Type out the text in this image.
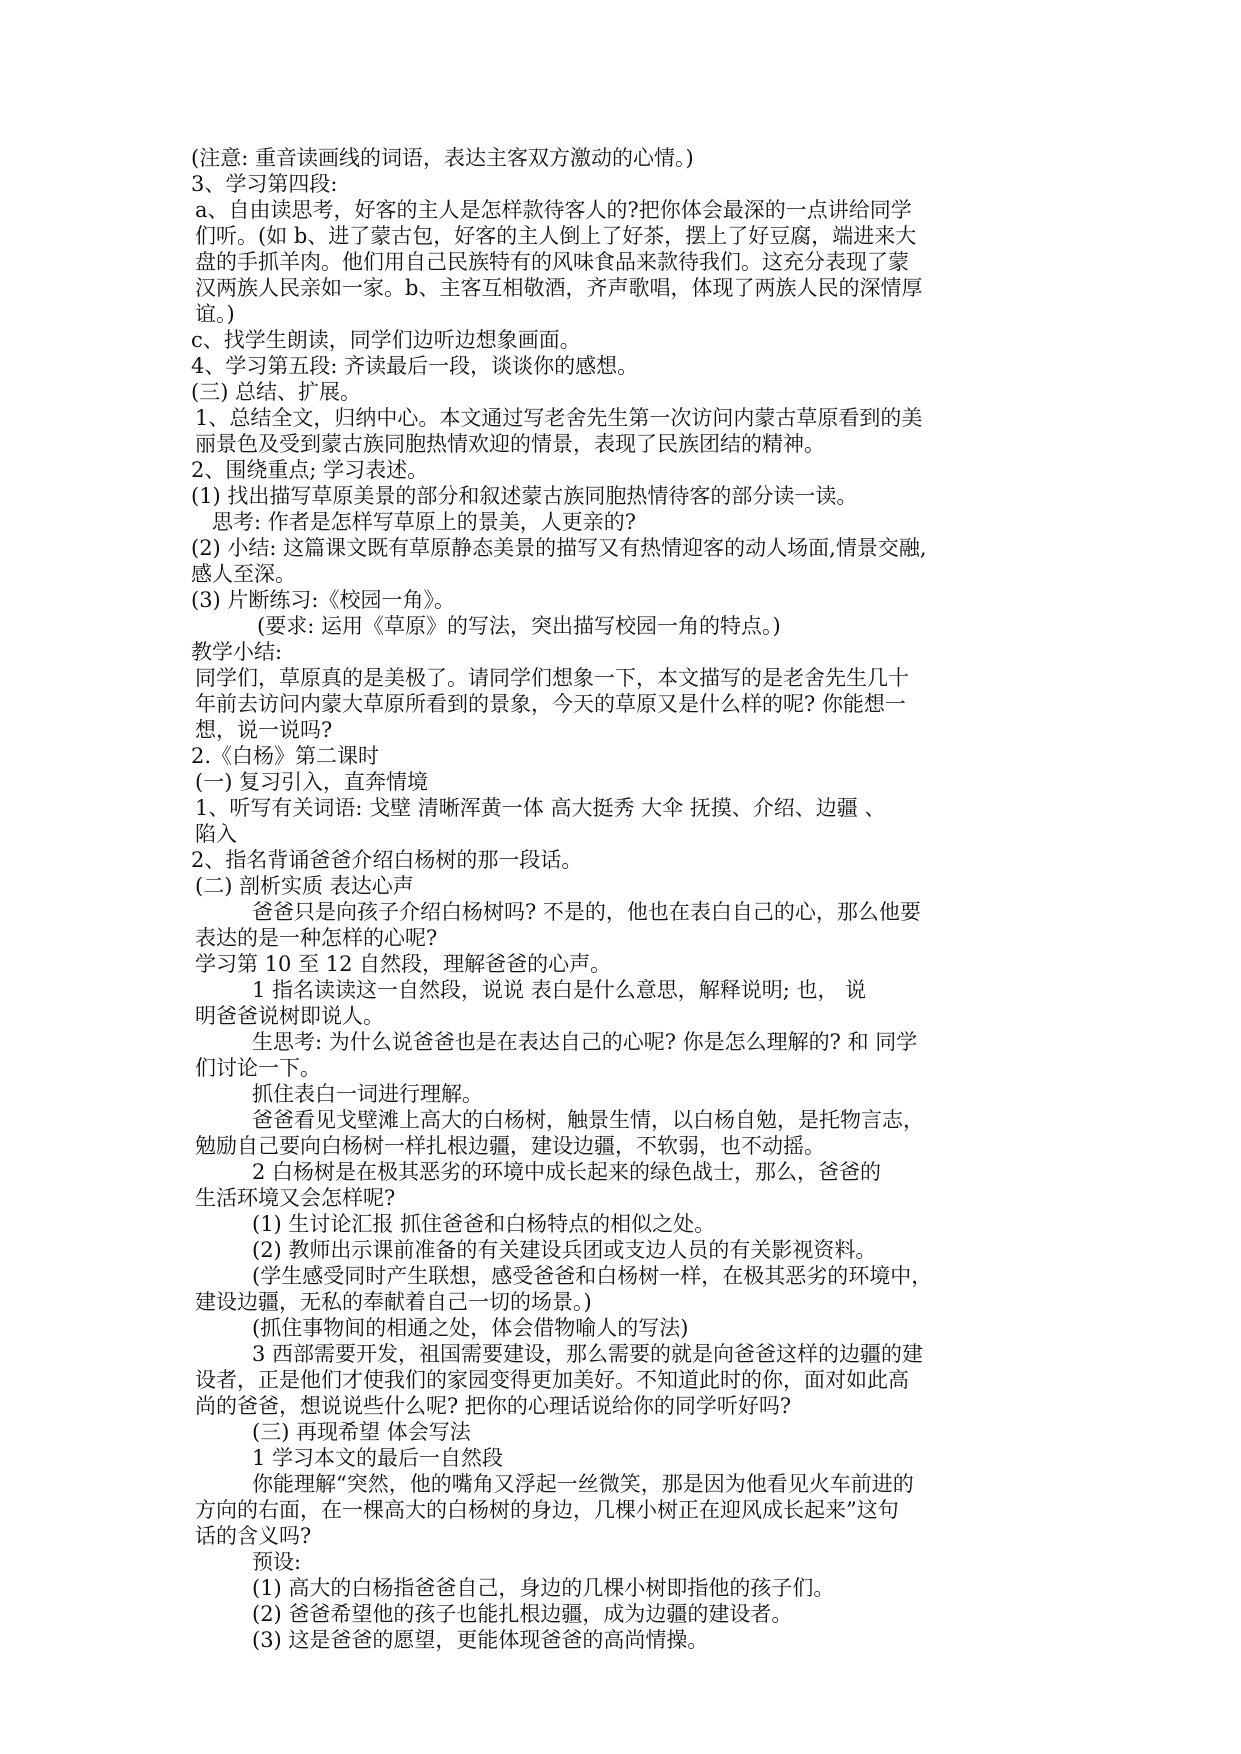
(注意: 重音读画线的词语，表达主客双方激动的心情。)
3、学习第四段:
a、自由读思考，好客的主人是怎样款待客人的?把你体会最深的一点讲给同学
们听。(如 b、进了蒙古包，好客的主人倒上了好茶，摆上了好豆腐，端进来大
盘的手抓羊肉。他们用自己民族特有的风味食品来款待我们。这充分表现了蒙
汉两族人民亲如一家。b、主客互相敬酒，齐声歌唱，体现了两族人民的深情厚
谊。)
c、找学生朗读，同学们边听边想象画面。
4、学习第五段: 齐读最后一段，谈谈你的感想。
(三) 总结、扩展。
1、总结全文，归纳中心。本文通过写老舍先生第一次访问内蒙古草原看到的美
丽景色及受到蒙古族同胞热情欢迎的情景，表现了民族团结的精神。
2、围绕重点; 学习表述。
(1) 找出描写草原美景的部分和叙述蒙古族同胞热情待客的部分读一读。
思考: 作者是怎样写草原上的景美，人更亲的?
(2) 小结: 这篇课文既有草原静态美景的描写又有热情迎客的动人场面,情景交融,
感人至深。
(3) 片断练习:《校园一角》。
(要求: 运用《草原》的写法，突出描写校园一角的特点。)
教学小结:
同学们，草原真的是美极了。请同学们想象一下，本文描写的是老舍先生几十
年前去访问内蒙大草原所看到的景象，今天的草原又是什么样的呢? 你能想一
想，说一说吗?
2.《白杨》第二课时
(一) 复习引入，直奔情境
1、听写有关词语: 戈壁 清晰浑黄一体 高大挺秀 大伞 抚摸、介绍、边疆 、
陷入
2、指名背诵爸爸介绍白杨树的那一段话。
(二) 剖析实质 表达心声
爸爸只是向孩子介绍白杨树吗? 不是的，他也在表白自己的心，那么他要
表达的是一种怎样的心呢?
学习第 10 至 12 自然段，理解爸爸的心声。
1 指名读读这一自然段，说说 表白是什么意思，解释说明; 也， 说
明爸爸说树即说人。
生思考: 为什么说爸爸也是在表达自己的心呢? 你是怎么理解的? 和 同学
们讨论一下。
抓住表白一词进行理解。
爸爸看见戈壁滩上高大的白杨树，触景生情，以白杨自勉，是托物言志，
勉励自己要向白杨树一样扎根边疆，建设边疆，不软弱，也不动摇。
2 白杨树是在极其恶劣的环境中成长起来的绿色战士，那么，爸爸的
生活环境又会怎样呢?
(1) 生讨论汇报 抓住爸爸和白杨特点的相似之处。
(2) 教师出示课前准备的有关建设兵团或支边人员的有关影视资料。
(学生感受同时产生联想，感受爸爸和白杨树一样，在极其恶劣的环境中，
建设边疆，无私的奉献着自己一切的场景。)
(抓住事物间的相通之处，体会借物喻人的写法)
3 西部需要开发，祖国需要建设，那么需要的就是向爸爸这样的边疆的建
设者，正是他们才使我们的家园变得更加美好。不知道此时的你，面对如此高
尚的爸爸，想说说些什么呢? 把你的心理话说给你的同学听好吗?
(三) 再现希望 体会写法
1 学习本文的最后一自然段
你能理解“突然，他的嘴角又浮起一丝微笑，那是因为他看见火车前进的
方向的右面，在一棵高大的白杨树的身边，几棵小树正在迎风成长起来”这句
话的含义吗?
预设:
(1) 高大的白杨指爸爸自己，身边的几棵小树即指他的孩子们。
(2) 爸爸希望他的孩子也能扎根边疆，成为边疆的建设者。
(3) 这是爸爸的愿望，更能体现爸爸的高尚情操。
